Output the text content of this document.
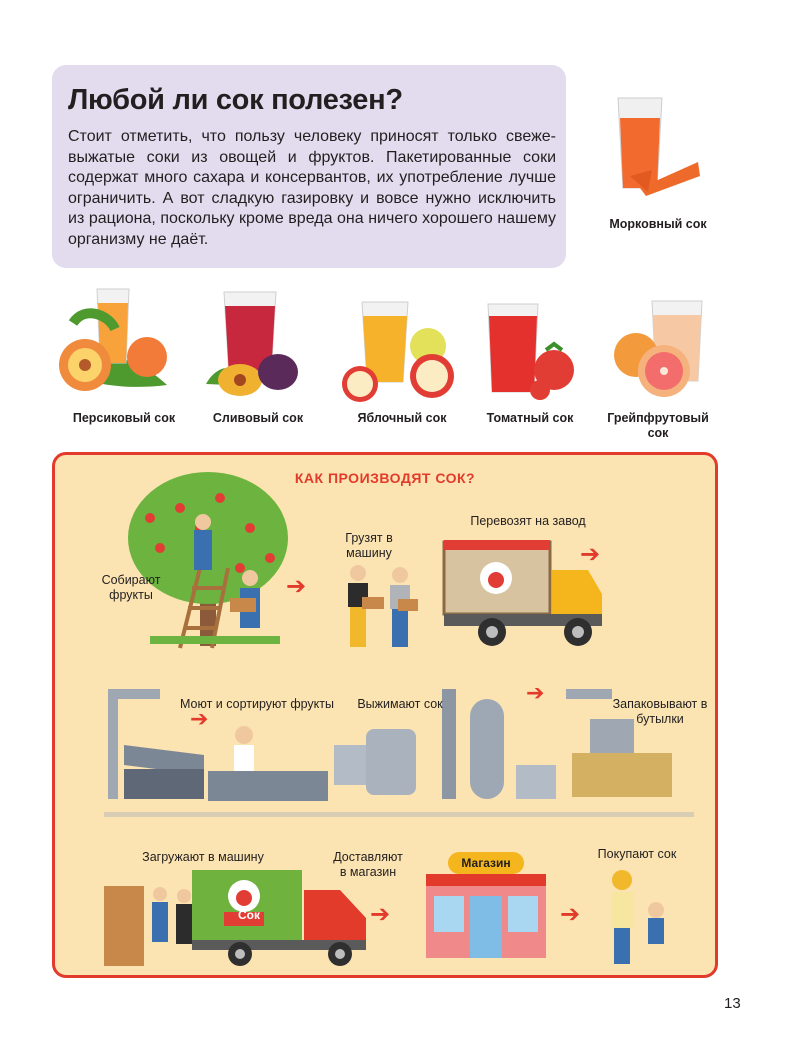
Любой ли сок полезен?
Стоит отметить, что пользу человеку приносят только свеже-выжатые соки из овощей и фруктов. Пакетированные соки содержат много сахара и консервантов, их употребление лучше ограничить. А вот сладкую газировку и вовсе нужно исключить из рациона, поскольку кроме вреда она ничего хорошего нашему организму не даёт.
Морковный сок
Персиковый сок	Сливовый сок	Яблочный сок	Томатный сок	Грейпфрутовый сок
КАК ПРОИЗВОДЯТ СОК?
Собирают фрукты	➔
Грузят в машину
Перевозят на завод
➔
Моют и сортируют фрукты	Выжимают сок	Запаковывают в бутылки
➔
➔
Загружают в машину
Сок	➔
Доставляют в магазин
Магазин
➔
Покупают сок
13
